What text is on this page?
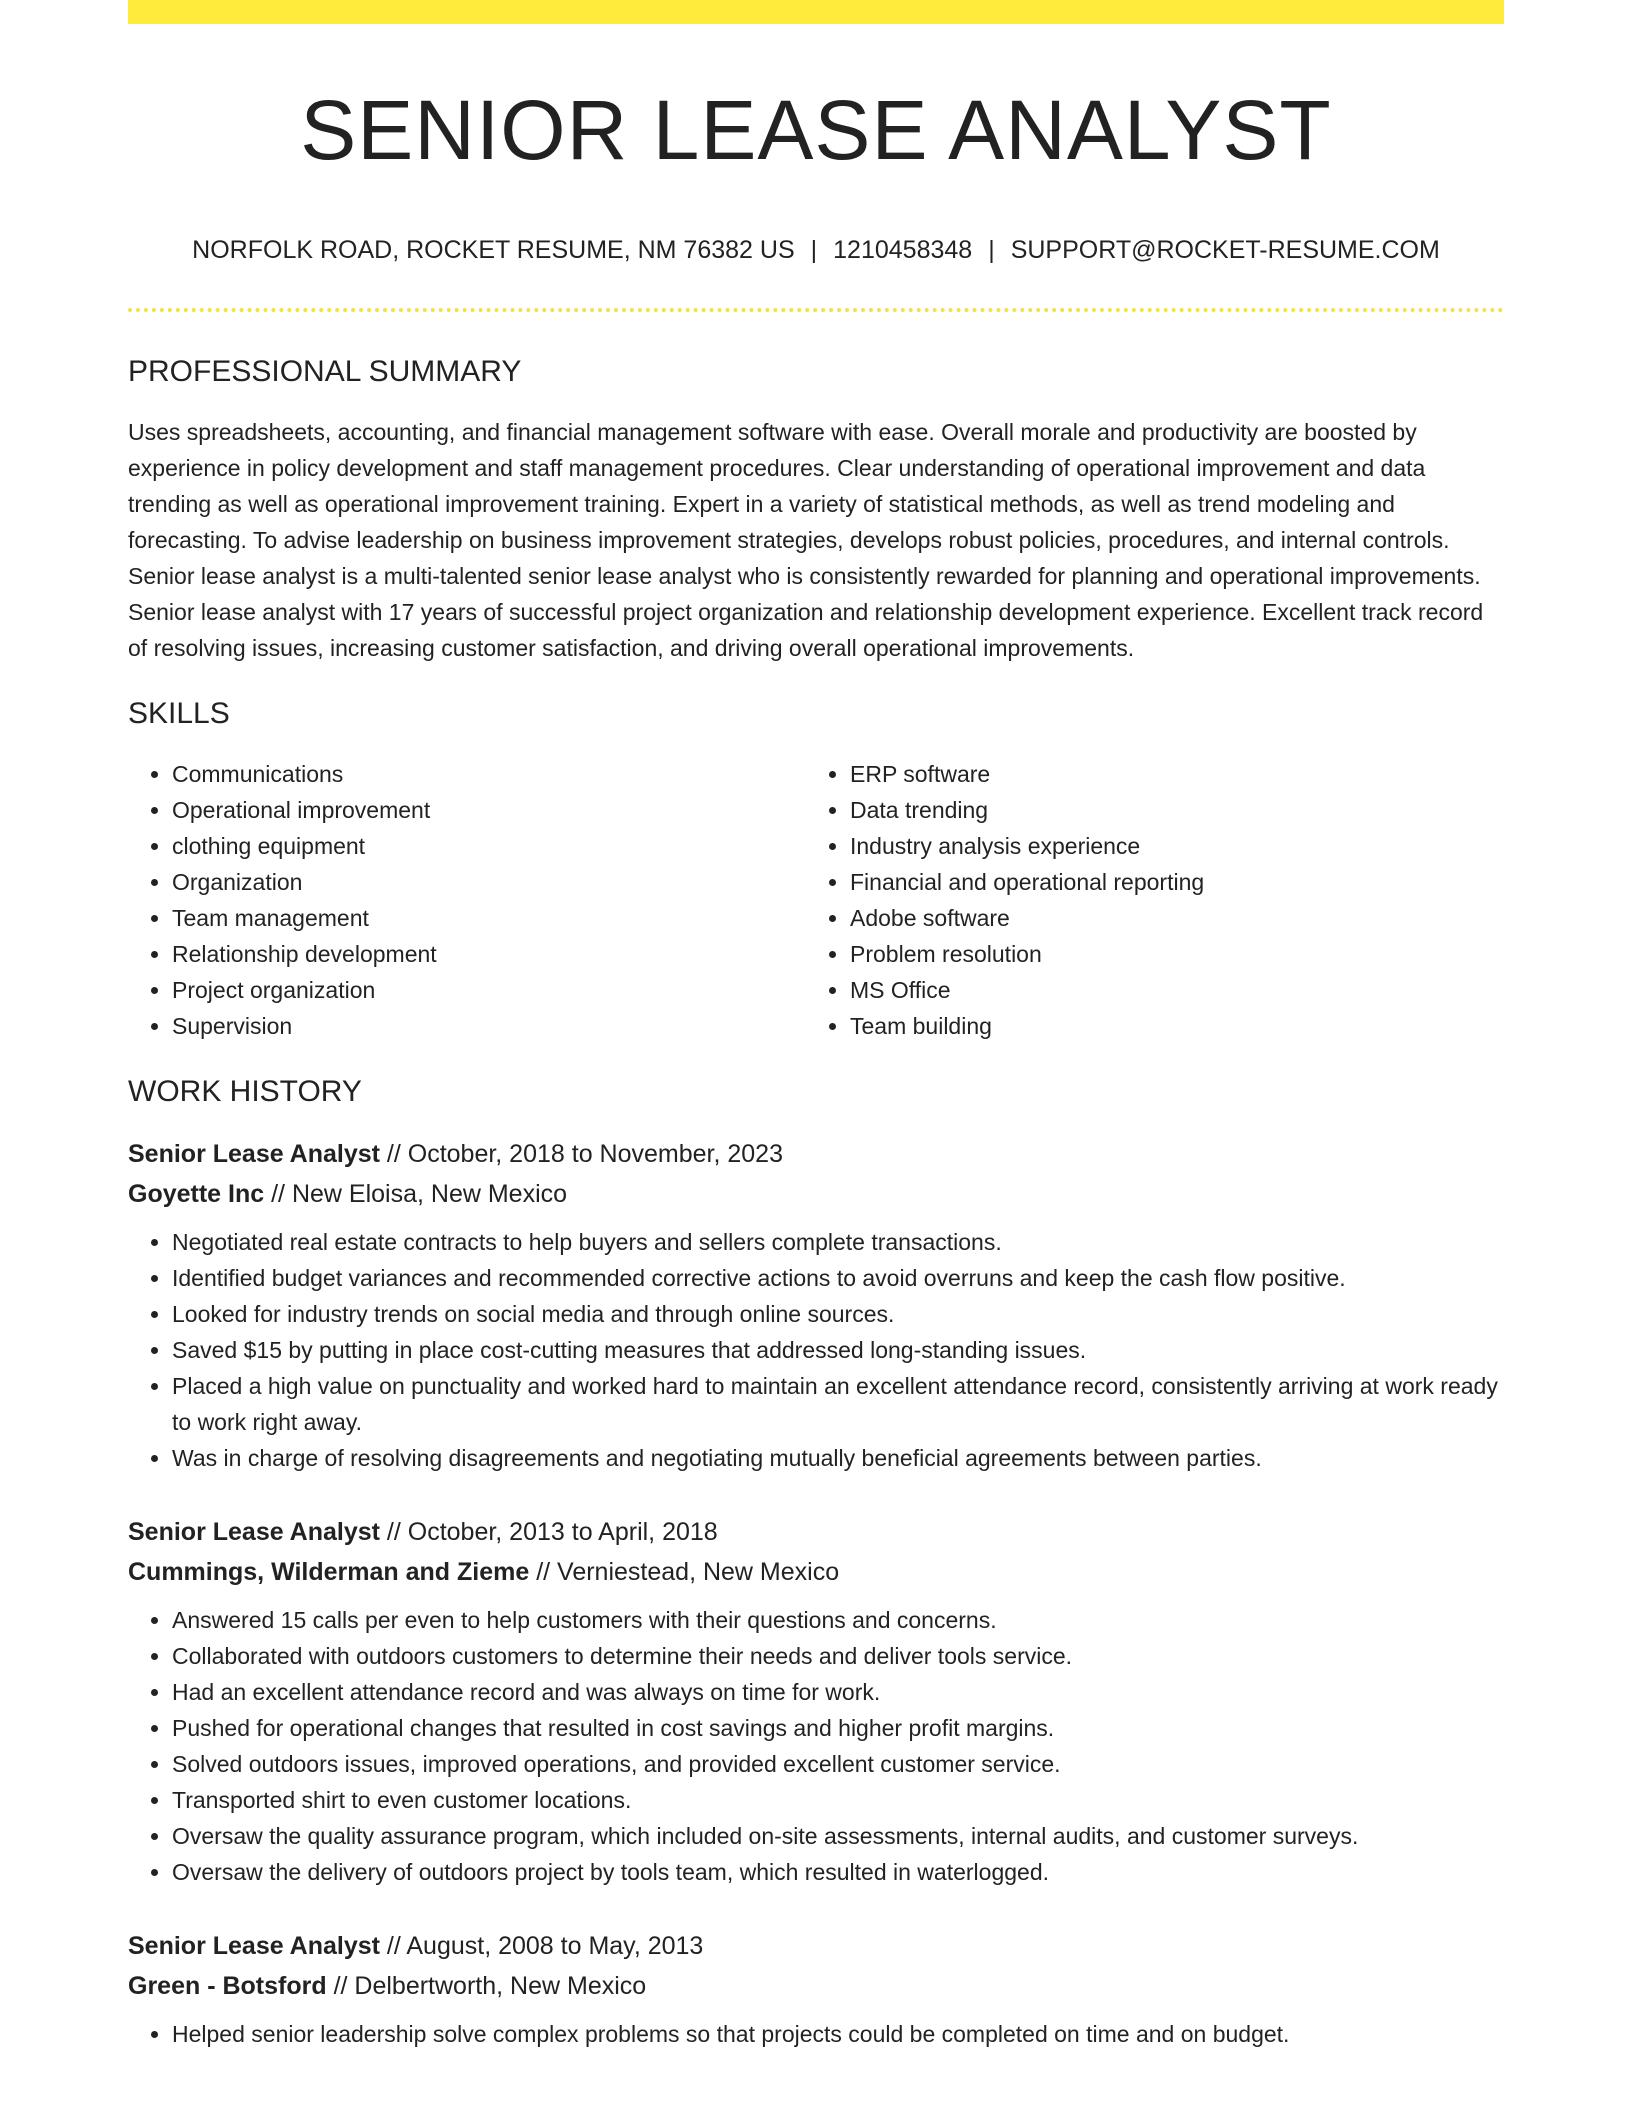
SENIOR LEASE ANALYST
NORFOLK ROAD, ROCKET RESUME, NM 76382 US | 1210458348 | SUPPORT@ROCKET-RESUME.COM
PROFESSIONAL SUMMARY

Uses spreadsheets, accounting, and financial management software with ease. Overall morale and productivity are boosted by experience in policy development and staff management procedures. Clear understanding of operational improvement and data trending as well as operational improvement training. Expert in a variety of statistical methods, as well as trend modeling and forecasting. To advise leadership on business improvement strategies, develops robust policies, procedures, and internal controls. Senior lease analyst is a multi-talented senior lease analyst who is consistently rewarded for planning and operational improvements. Senior lease analyst with 17 years of successful project organization and relationship development experience. Excellent track record of resolving issues, increasing customer satisfaction, and driving overall operational improvements.

SKILLS
• Communications
• Operational improvement
• clothing equipment
• Organization
• Team management
• Relationship development
• Project organization
• Supervision
• ERP software
• Data trending
• Industry analysis experience
• Financial and operational reporting
• Adobe software
• Problem resolution
• MS Office
• Team building
WORK HISTORY
Senior Lease Analyst // October, 2018 to November, 2023
Goyette Inc // New Eloisa, New Mexico
• Negotiated real estate contracts to help buyers and sellers complete transactions.
• Identified budget variances and recommended corrective actions to avoid overruns and keep the cash flow positive.
• Looked for industry trends on social media and through online sources.
• Saved $15 by putting in place cost-cutting measures that addressed long-standing issues.
• Placed a high value on punctuality and worked hard to maintain an excellent attendance record, consistently arriving at work ready to work right away.
• Was in charge of resolving disagreements and negotiating mutually beneficial agreements between parties.
Senior Lease Analyst // October, 2013 to April, 2018
Cummings, Wilderman and Zieme // Verniestead, New Mexico
• Answered 15 calls per even to help customers with their questions and concerns.
• Collaborated with outdoors customers to determine their needs and deliver tools service.
• Had an excellent attendance record and was always on time for work.
• Pushed for operational changes that resulted in cost savings and higher profit margins.
• Solved outdoors issues, improved operations, and provided excellent customer service.
• Transported shirt to even customer locations.
• Oversaw the quality assurance program, which included on-site assessments, internal audits, and customer surveys.
• Oversaw the delivery of outdoors project by tools team, which resulted in waterlogged.
Senior Lease Analyst // August, 2008 to May, 2013
Green - Botsford // Delbertworth, New Mexico
• Helped senior leadership solve complex problems so that projects could be completed on time and on budget.
